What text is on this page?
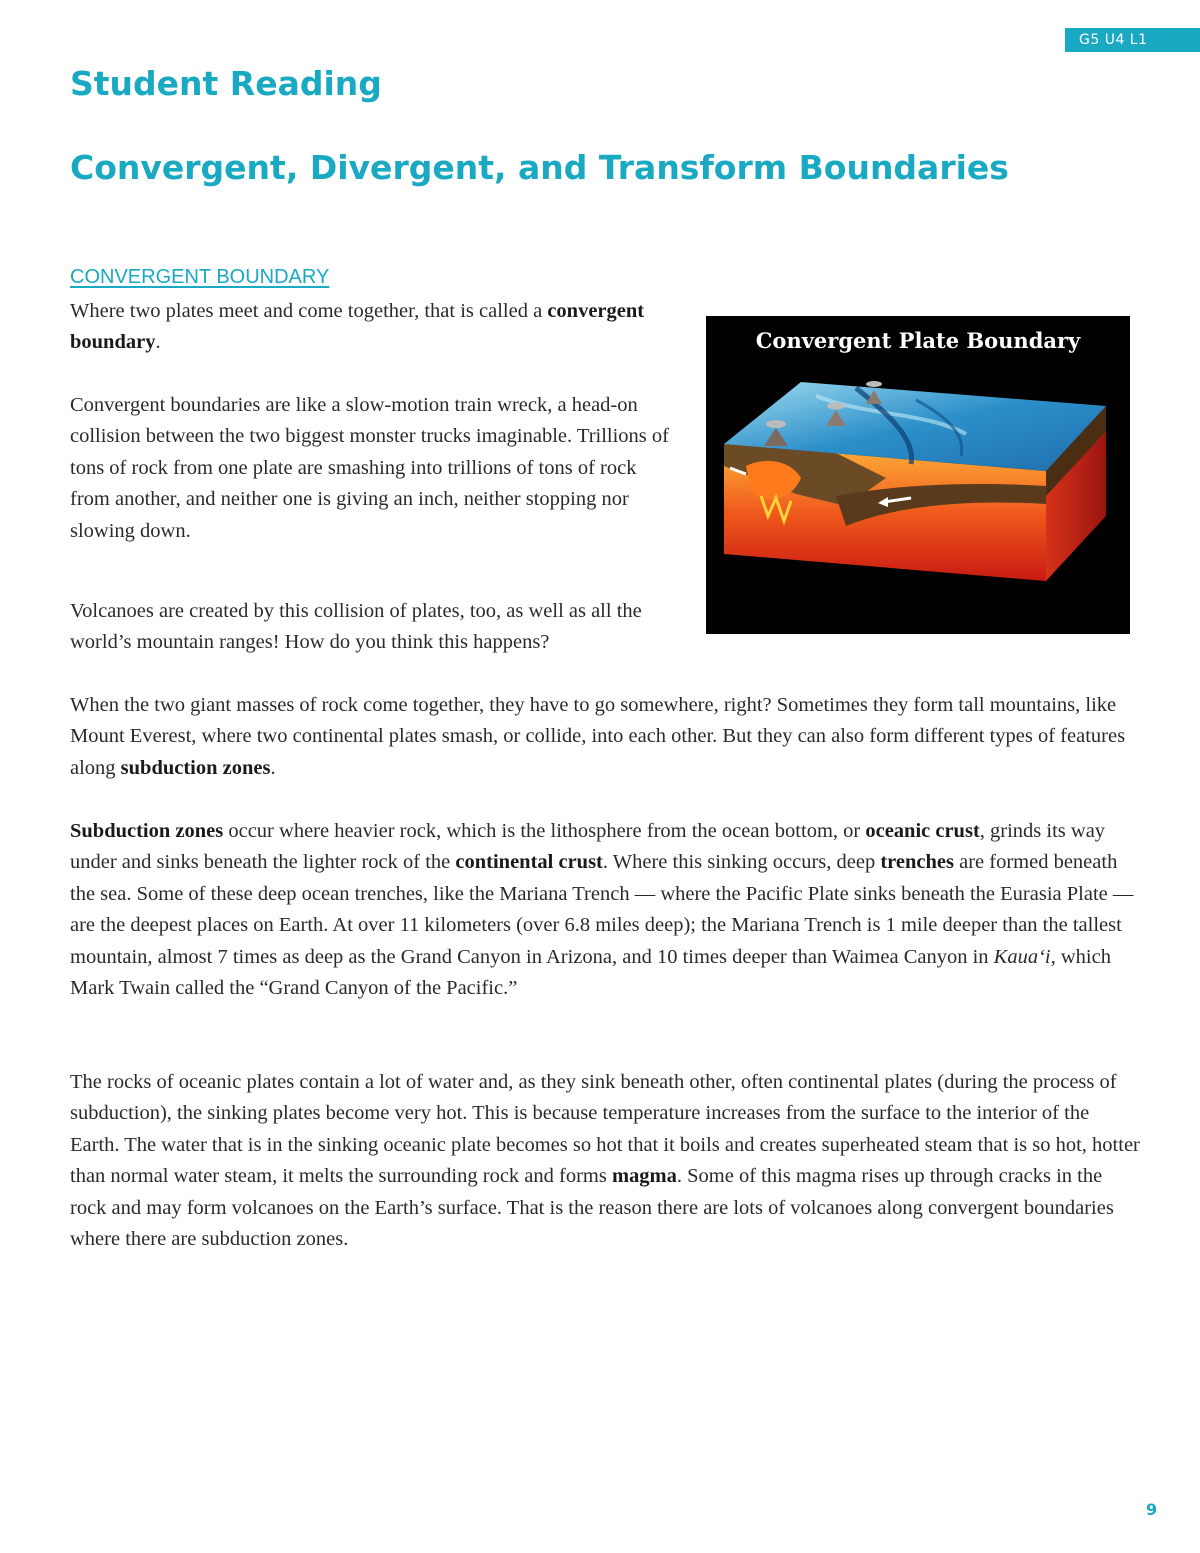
G5 U4 L1
Student Reading
Convergent, Divergent, and Transform Boundaries
CONVERGENT BOUNDARY

Where two plates meet and come together, that is called a convergent boundary.

Convergent boundaries are like a slow-motion train wreck, a head-on collision between the two biggest monster trucks imaginable. Trillions of tons of rock from one plate are smashing into trillions of tons of rock from another, and neither one is giving an inch, neither stopping nor slowing down.

Volcanoes are created by this collision of plates, too, as well as all the world’s mountain ranges! How do you think this happens?

When the two giant masses of rock come together, they have to go somewhere, right? Sometimes they form tall mountains, like Mount Everest, where two continental plates smash, or collide, into each other. But they can also form different types of features along subduction zones.

Subduction zones occur where heavier rock, which is the lithosphere from the ocean bottom, or oceanic crust, grinds its way under and sinks beneath the lighter rock of the continental crust. Where this sinking occurs, deep trenches are formed beneath the sea. Some of these deep ocean trenches, like the Mariana Trench — where the Pacific Plate sinks beneath the Eurasia Plate — are the deepest places on Earth. At over 11 kilometers (over 6.8 miles deep); the Mariana Trench is 1 mile deeper than the tallest mountain, almost 7 times as deep as the Grand Canyon in Arizona, and 10 times deeper than Waimea Canyon in Kaua‘i, which Mark Twain called the “Grand Canyon of the Pacific.”

The rocks of oceanic plates contain a lot of water and, as they sink beneath other, often continental plates (during the process of subduction), the sinking plates become very hot. This is because temperature increases from the surface to the interior of the Earth. The water that is in the sinking oceanic plate becomes so hot that it boils and creates superheated steam that is so hot, hotter than normal water steam, it melts the surrounding rock and forms magma. Some of this magma rises up through cracks in the rock and may form volcanoes on the Earth’s surface. That is the reason there are lots of volcanoes along convergent boundaries where there are subduction zones.

Convergent Plate Boundary
9
